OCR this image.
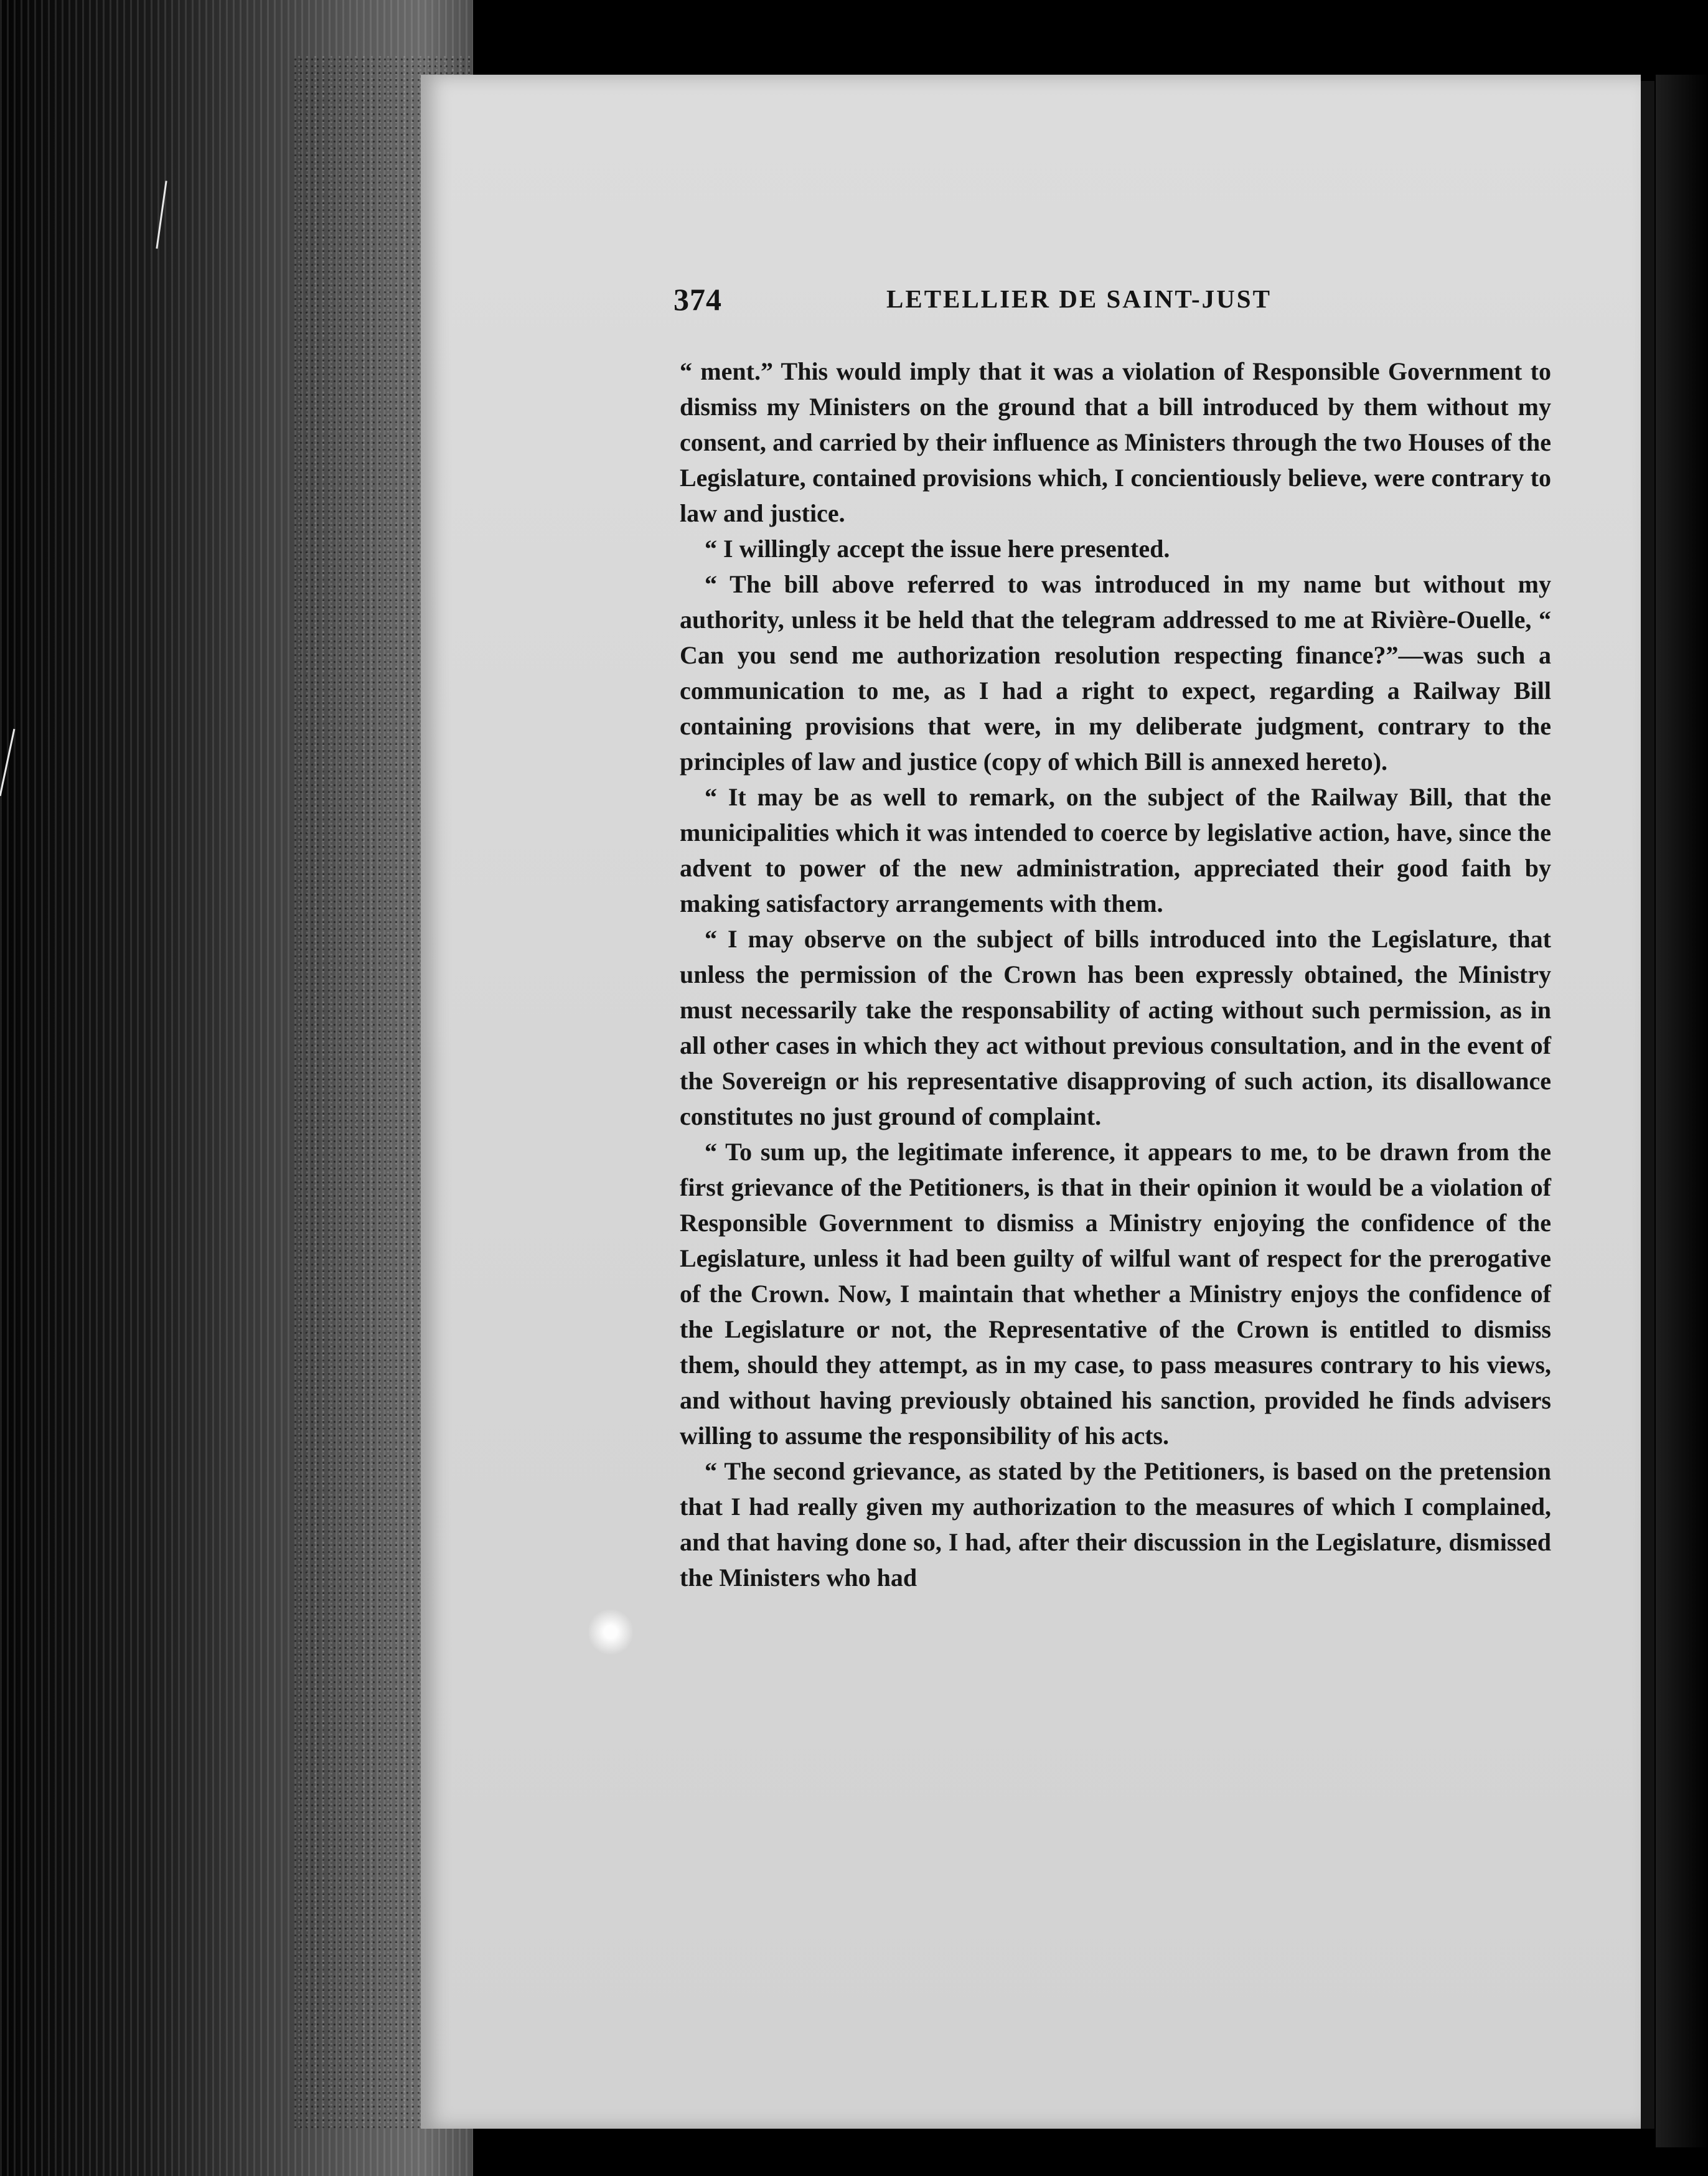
374	LETELLIER DE SAINT-JUST

“ ment.” This would imply that it was a violation of Responsible Government to dismiss my Ministers on the ground that a bill introduced by them without my consent, and carried by their influence as Ministers through the two Houses of the Legislature, contained provisions which, I concientiously believe, were contrary to law and justice.

“ I willingly accept the issue here presented.

“ The bill above referred to was introduced in my name but without my authority, unless it be held that the telegram addressed to me at Rivière-Ouelle, “ Can you send me authorization resolution respecting finance?”—was such a communication to me, as I had a right to expect, regarding a Railway Bill containing provisions that were, in my deliberate judgment, contrary to the principles of law and justice (copy of which Bill is annexed hereto).

“ It may be as well to remark, on the subject of the Railway Bill, that the municipalities which it was intended to coerce by legislative action, have, since the advent to power of the new administration, appreciated their good faith by making satisfactory arrangements with them.

“ I may observe on the subject of bills introduced into the Legislature, that unless the permission of the Crown has been expressly obtained, the Ministry must necessarily take the responsability of acting without such permission, as in all other cases in which they act without previous consultation, and in the event of the Sovereign or his representative disapproving of such action, its disallowance constitutes no just ground of complaint.

“ To sum up, the legitimate inference, it appears to me, to be drawn from the first grievance of the Petitioners, is that in their opinion it would be a violation of Responsible Government to dismiss a Ministry enjoying the confidence of the Legislature, unless it had been guilty of wilful want of respect for the prerogative of the Crown. Now, I maintain that whether a Ministry enjoys the confidence of the Legislature or not, the Representative of the Crown is entitled to dismiss them, should they attempt, as in my case, to pass measures contrary to his views, and without having previously obtained his sanction, provided he finds advisers willing to assume the responsibility of his acts.

“ The second grievance, as stated by the Petitioners, is based on the pretension that I had really given my authorization to the measures of which I complained, and that having done so, I had, after their discussion in the Legislature, dismissed the Ministers who had
